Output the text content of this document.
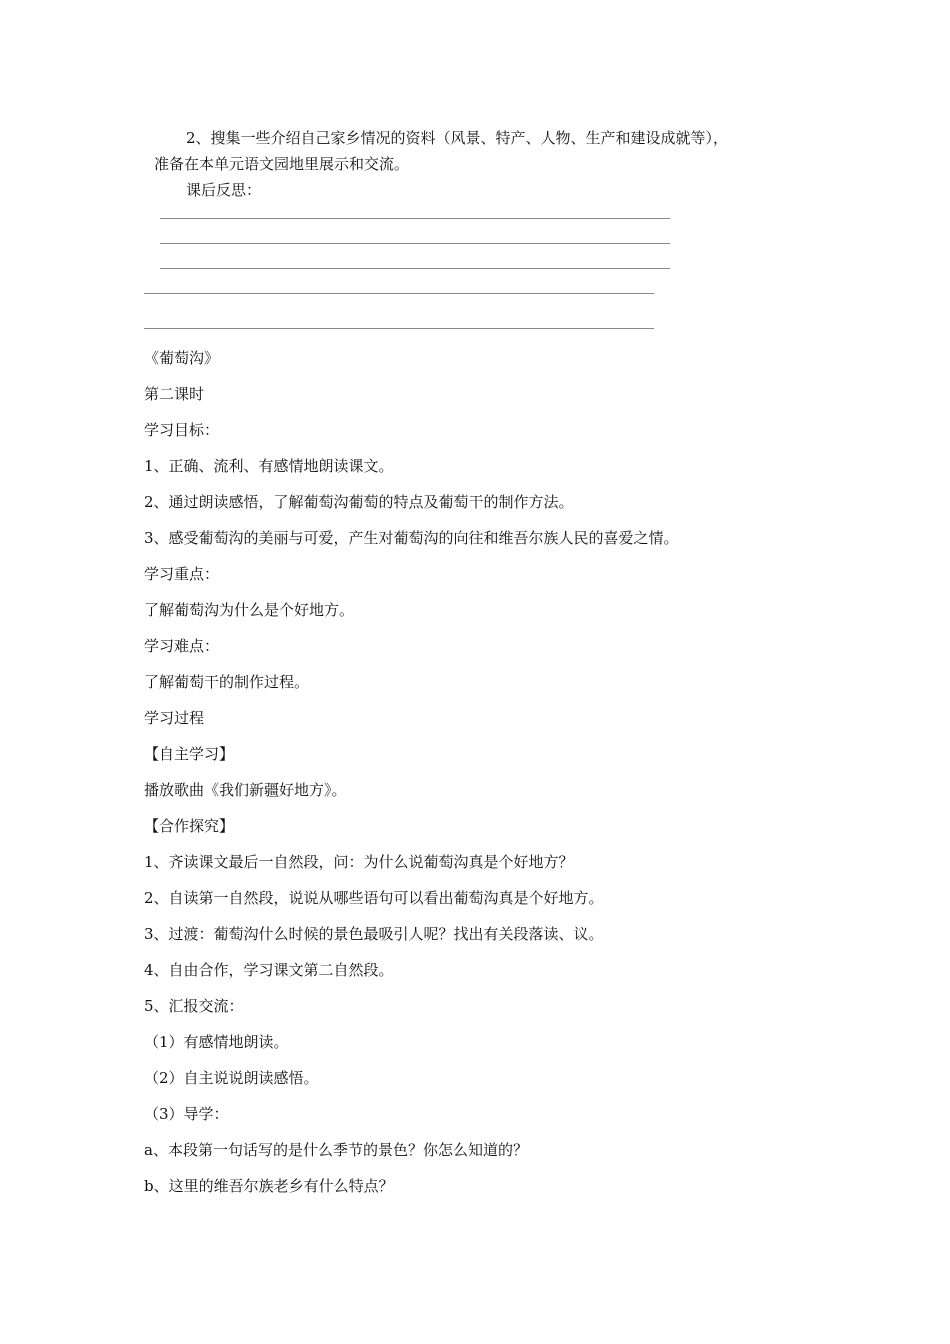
2、搜集一些介绍自己家乡情况的资料（风景、特产、人物、生产和建设成就等），
准备在本单元语文园地里展示和交流。
课后反思：
《葡萄沟》
第二课时
学习目标：
1、正确、流利、有感情地朗读课文。
2、通过朗读感悟，了解葡萄沟葡萄的特点及葡萄干的制作方法。
3、感受葡萄沟的美丽与可爱，产生对葡萄沟的向往和维吾尔族人民的喜爱之情。
学习重点：
了解葡萄沟为什么是个好地方。
学习难点：
了解葡萄干的制作过程。
学习过程
【自主学习】
播放歌曲《我们新疆好地方》。
【合作探究】
1、齐读课文最后一自然段，问：为什么说葡萄沟真是个好地方？
2、自读第一自然段，说说从哪些语句可以看出葡萄沟真是个好地方。
3、过渡：葡萄沟什么时候的景色最吸引人呢？找出有关段落读、议。
4、自由合作，学习课文第二自然段。
5、汇报交流：
（1）有感情地朗读。
（2）自主说说朗读感悟。
（3）导学：
a、本段第一句话写的是什么季节的景色？你怎么知道的？
b、这里的维吾尔族老乡有什么特点？
